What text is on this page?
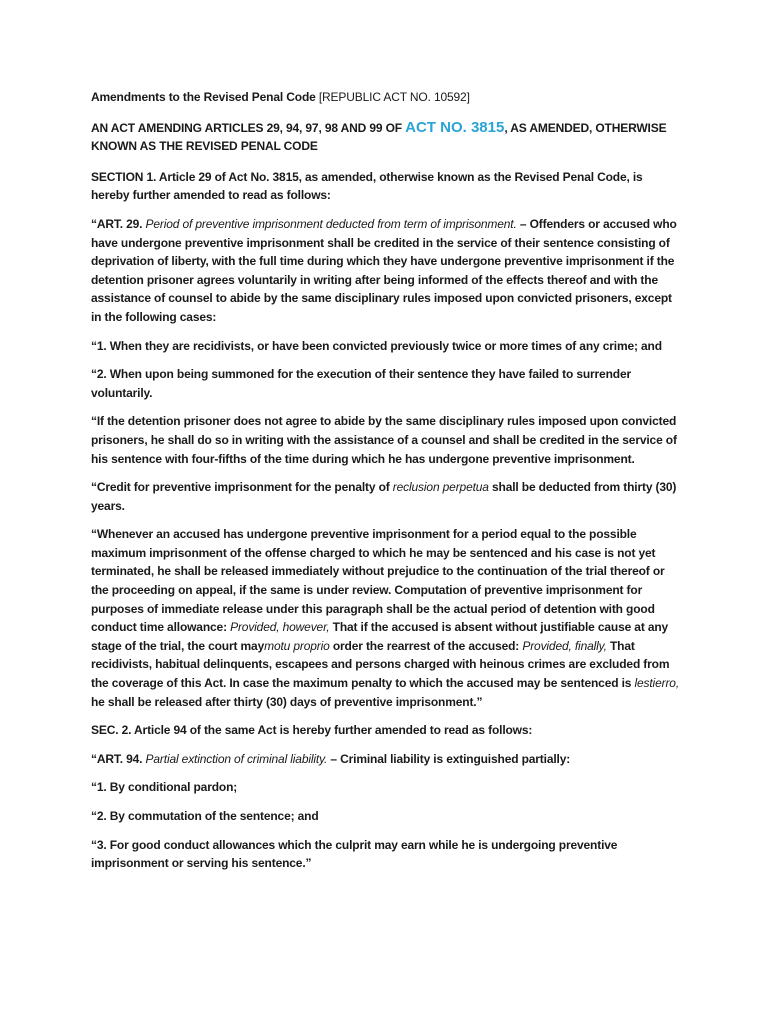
Amendments to the Revised Penal Code [REPUBLIC ACT NO. 10592]

AN ACT AMENDING ARTICLES 29, 94, 97, 98 AND 99 OF ACT NO. 3815, AS AMENDED, OTHERWISE KNOWN AS THE REVISED PENAL CODE

SECTION 1. Article 29 of Act No. 3815, as amended, otherwise known as the Revised Penal Code, is hereby further amended to read as follows:

“ART. 29. Period of preventive imprisonment deducted from term of imprisonment. – Offenders or accused who have undergone preventive imprisonment shall be credited in the service of their sentence consisting of deprivation of liberty, with the full time during which they have undergone preventive imprisonment if the detention prisoner agrees voluntarily in writing after being informed of the effects thereof and with the assistance of counsel to abide by the same disciplinary rules imposed upon convicted prisoners, except in the following cases:

“1. When they are recidivists, or have been convicted previously twice or more times of any crime; and

“2. When upon being summoned for the execution of their sentence they have failed to surrender voluntarily.

“If the detention prisoner does not agree to abide by the same disciplinary rules imposed upon convicted prisoners, he shall do so in writing with the assistance of a counsel and shall be credited in the service of his sentence with four-fifths of the time during which he has undergone preventive imprisonment.

“Credit for preventive imprisonment for the penalty of reclusion perpetua shall be deducted from thirty (30) years.

“Whenever an accused has undergone preventive imprisonment for a period equal to the possible maximum imprisonment of the offense charged to which he may be sentenced and his case is not yet terminated, he shall be released immediately without prejudice to the continuation of the trial thereof or the proceeding on appeal, if the same is under review. Computation of preventive imprisonment for purposes of immediate release under this paragraph shall be the actual period of detention with good conduct time allowance: Provided, however, That if the accused is absent without justifiable cause at any stage of the trial, the court maymotu proprio order the rearrest of the accused: Provided, finally, That recidivists, habitual delinquents, escapees and persons charged with heinous crimes are excluded from the coverage of this Act. In case the maximum penalty to which the accused may be sentenced is lestierro, he shall be released after thirty (30) days of preventive imprisonment.”

SEC. 2. Article 94 of the same Act is hereby further amended to read as follows:

“ART. 94. Partial extinction of criminal liability. – Criminal liability is extinguished partially:

“1. By conditional pardon;

“2. By commutation of the sentence; and

“3. For good conduct allowances which the culprit may earn while he is undergoing preventive imprisonment or serving his sentence.”
